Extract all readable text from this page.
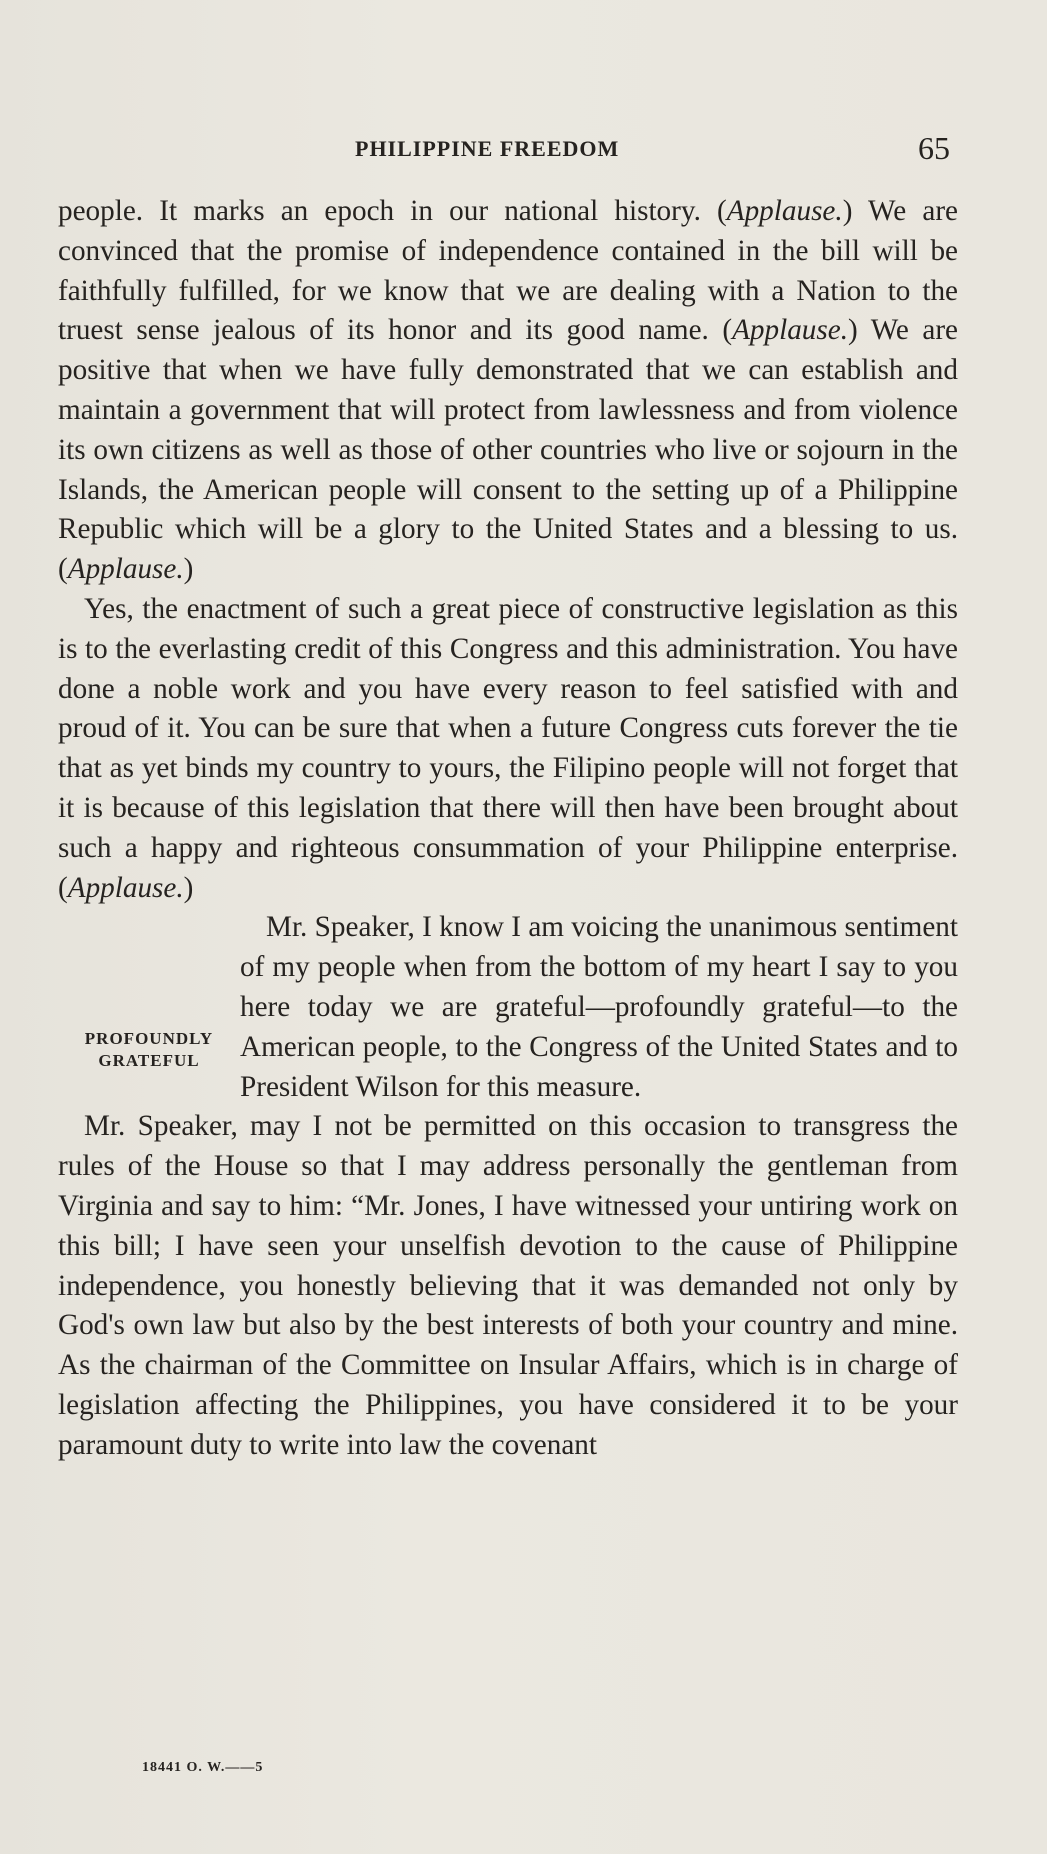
PHILIPPINE FREEDOM	65

people. It marks an epoch in our national history. (Applause.) We are convinced that the promise of independence contained in the bill will be faithfully fulfilled, for we know that we are dealing with a Nation to the truest sense jealous of its honor and its good name. (Applause.) We are positive that when we have fully demonstrated that we can establish and maintain a government that will protect from lawlessness and from violence its own citizens as well as those of other countries who live or sojourn in the Islands, the American people will consent to the setting up of a Philippine Republic which will be a glory to the United States and a blessing to us. (Applause.)

Yes, the enactment of such a great piece of constructive legislation as this is to the everlasting credit of this Congress and this administration. You have done a noble work and you have every reason to feel satisfied with and proud of it. You can be sure that when a future Congress cuts forever the tie that as yet binds my country to yours, the Filipino people will not forget that it is because of this legislation that there will then have been brought about such a happy and righteous consummation of your Philippine enterprise. (Applause.)

PROFOUNDLY
GRATEFUL
Mr. Speaker, I know I am voicing the unanimous sentiment of my people when from the bottom of my heart I say to you here today we are grateful—profoundly grateful—to the American people, to the Congress of the United States and to President Wilson for this measure.

Mr. Speaker, may I not be permitted on this occasion to transgress the rules of the House so that I may address personally the gentleman from Virginia and say to him: “Mr. Jones, I have witnessed your untiring work on this bill; I have seen your unselfish devotion to the cause of Philippine independence, you honestly believing that it was demanded not only by God's own law but also by the best interests of both your country and mine. As the chairman of the Committee on Insular Affairs, which is in charge of legislation affecting the Philippines, you have considered it to be your paramount duty to write into law the covenant

18441 O. W.——5
